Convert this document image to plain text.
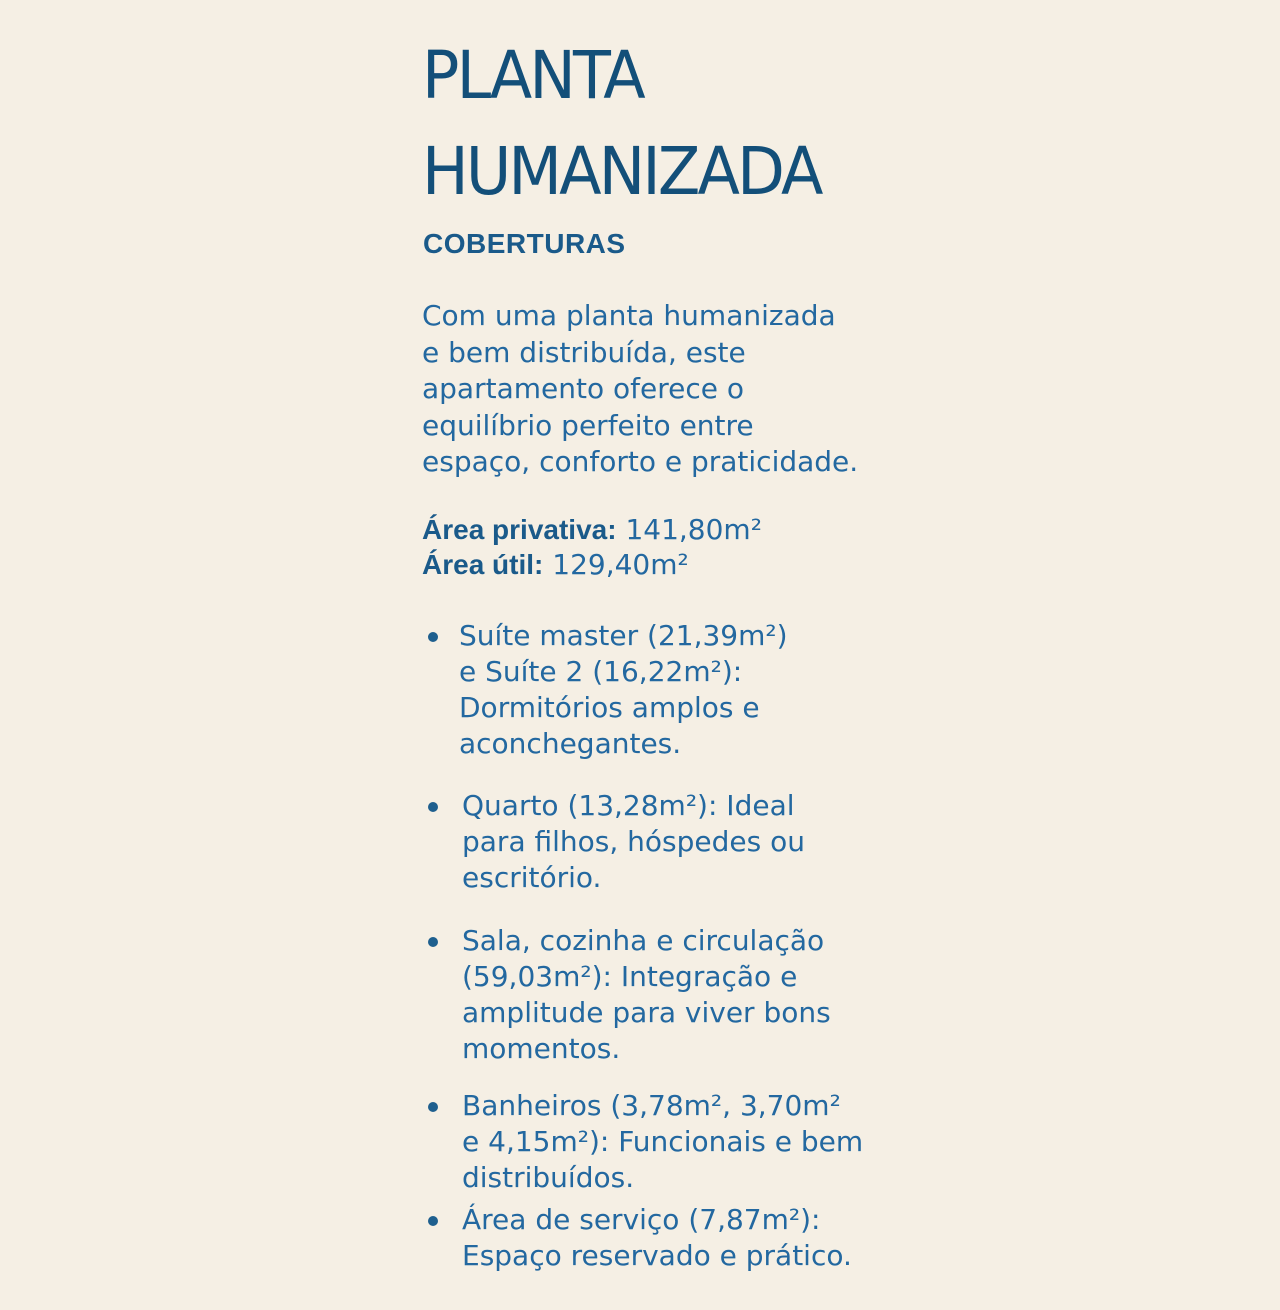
PLANTA
HUMANIZADA
COBERTURAS

Com uma planta humanizada
e bem distribuída, este
apartamento oferece o
equilíbrio perfeito entre
espaço, conforto e praticidade.

Área privativa: 141,80m²
Área útil: 129,40m²

Suíte master (21,39m²)
e Suíte 2 (16,22m²):
Dormitórios amplos e
aconchegantes.

Quarto (13,28m²): Ideal
para filhos, hóspedes ou
escritório.

Sala, cozinha e circulação
(59,03m²): Integração e
amplitude para viver bons
momentos.

Banheiros (3,78m², 3,70m²
e 4,15m²): Funcionais e bem
distribuídos.

Área de serviço (7,87m²):
Espaço reservado e prático.
